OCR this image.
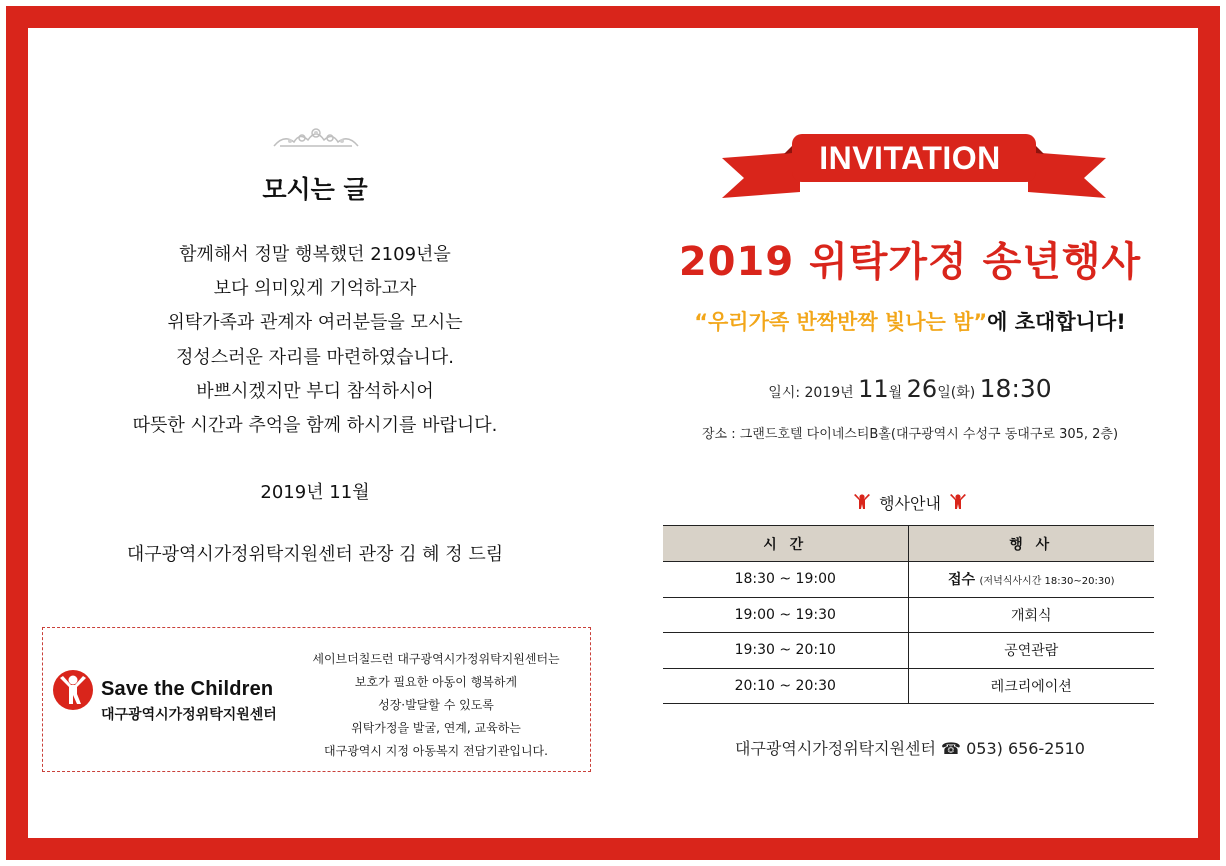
모시는 글
함께해서 정말 행복했던 2109년을
보다 의미있게 기억하고자
위탁가족과 관계자 여러분들을 모시는
정성스러운 자리를 마련하였습니다.
바쁘시겠지만 부디 참석하시어
따뜻한 시간과 추억을 함께 하시기를 바랍니다.
2019년 11월
대구광역시가정위탁지원센터 관장 김 혜 정 드림
Save the Children
대구광역시가정위탁지원센터
세이브더칠드런 대구광역시가정위탁지원센터는
보호가 필요한 아동이 행복하게
성장·발달할 수 있도록
위탁가정을 발굴, 연계, 교육하는
대구광역시 지정 아동복지 전담기관입니다.
INVITATION
2019 위탁가정 송년행사
“우리가족 반짝반짝 빛나는 밤”에 초대합니다!
일시: 2019년 11월 26일(화) 18:30
장소 : 그랜드호텔 다이네스티B홀(대구광역시 수성구 동대구로 305, 2층)
행사안내
시 간	행 사
18:30 ~ 19:00	접수 (저녁식사시간 18:30~20:30)
19:00 ~ 19:30	개회식
19:30 ~ 20:10	공연관람
20:10 ~ 20:30	레크리에이션
대구광역시가정위탁지원센터 ☎ 053) 656-2510
